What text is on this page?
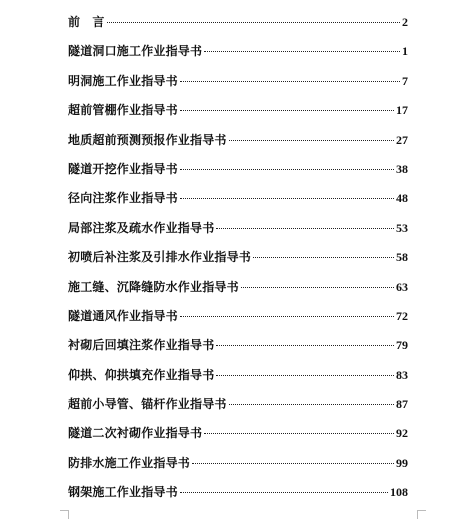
前　言	2
隧道洞口施工作业指导书	1
明洞施工作业指导书	7
超前管棚作业指导书	17
地质超前预测预报作业指导书	27
隧道开挖作业指导书	38
径向注浆作业指导书	48
局部注浆及疏水作业指导书	53
初喷后补注浆及引排水作业指导书	58
施工缝、沉降缝防水作业指导书	63
隧道通风作业指导书	72
衬砌后回填注浆作业指导书	79
仰拱、仰拱填充作业指导书	83
超前小导管、锚杆作业指导书	87
隧道二次衬砌作业指导书	92
防排水施工作业指导书	99
钢架施工作业指导书	108
